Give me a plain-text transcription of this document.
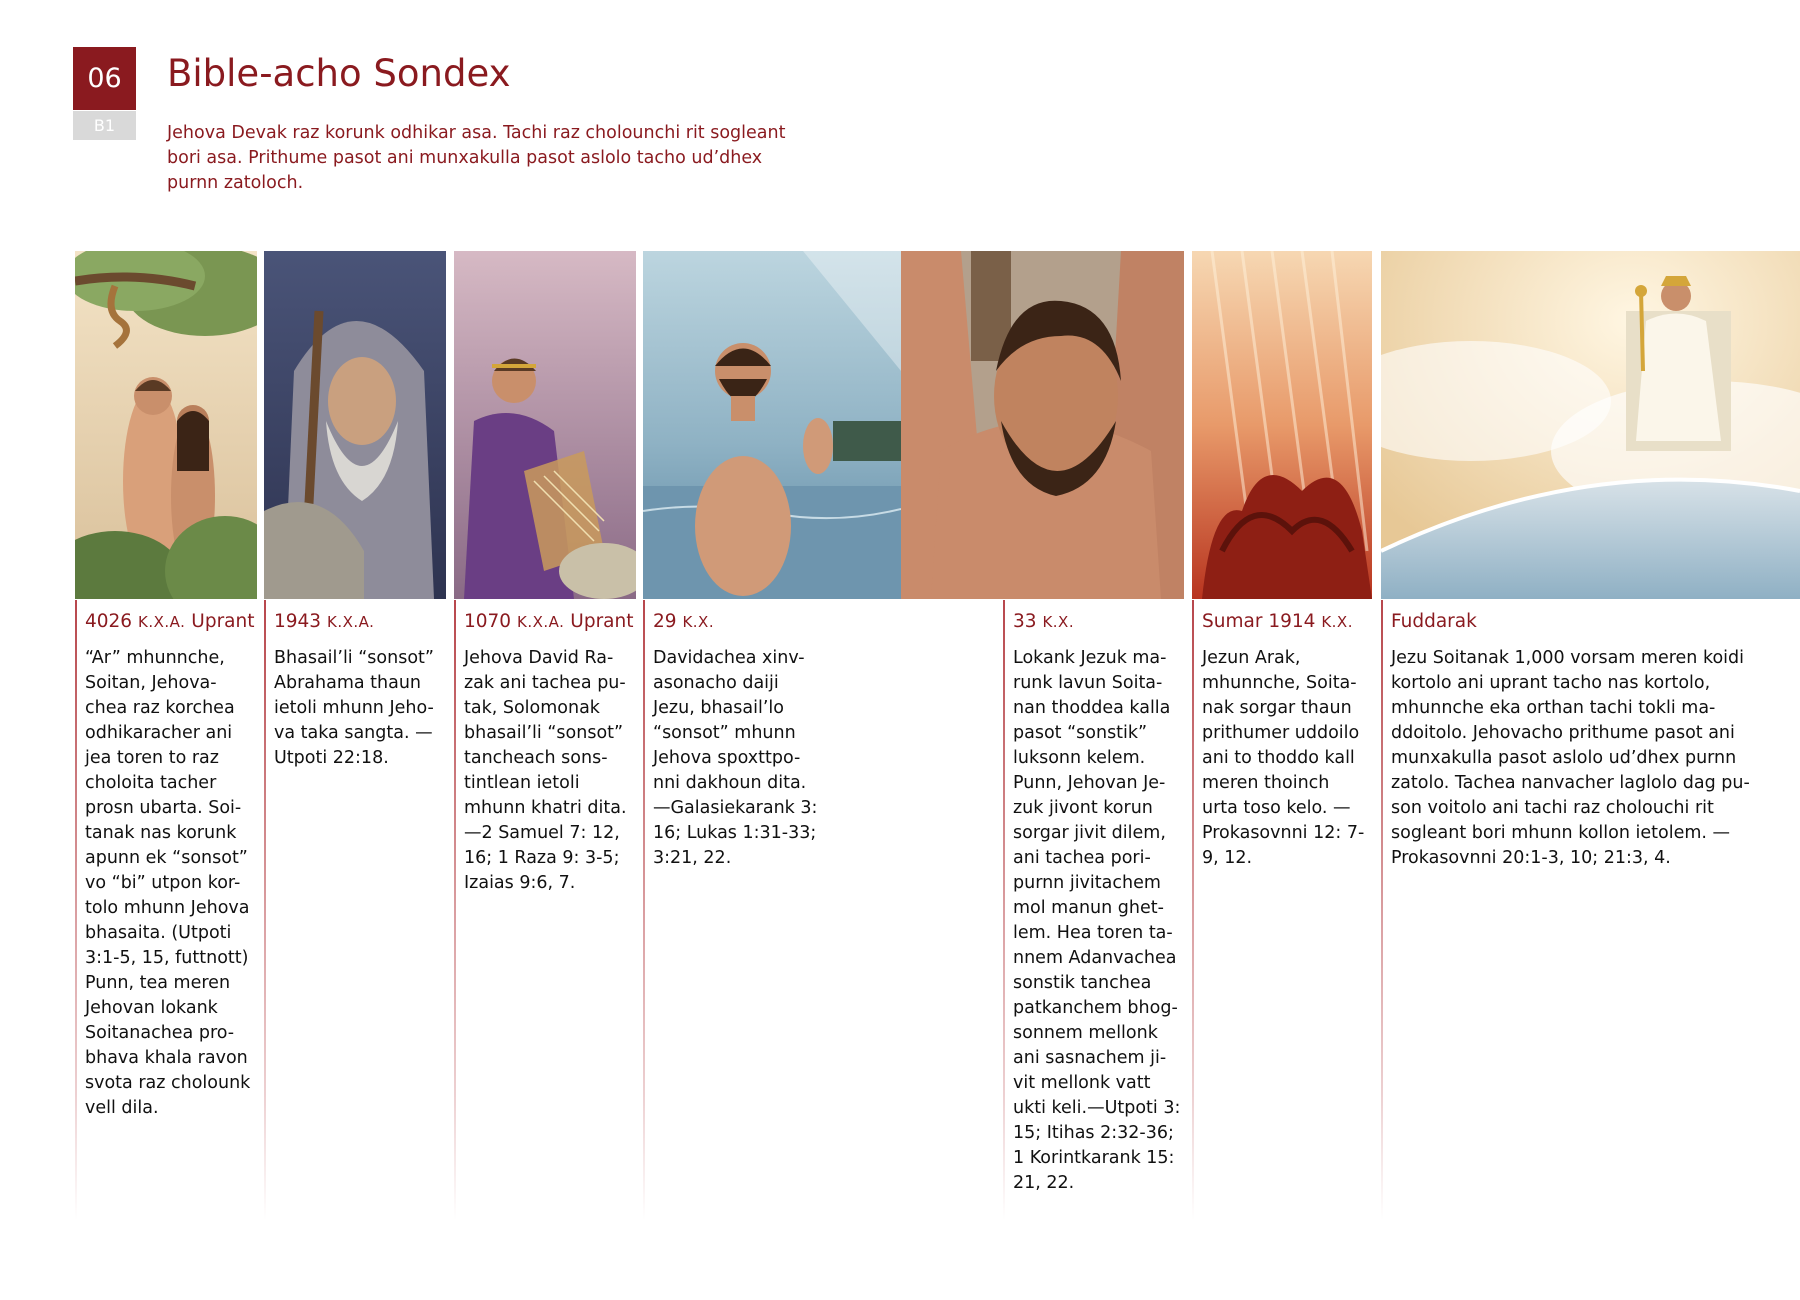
06
B1
Bible-acho Sondex
Jehova Devak raz korunk odhikar asa. Tachi raz cholounchi rit sogleant bori asa. Prithume pasot ani munxakulla pasot aslolo tacho ud’dhex purnn zatoloch.
4026 K.X.A. Uprant
“Ar” mhunnche, Soitan, Jehova-chea raz korchea odhikaracher ani jea toren to raz choloita tacher prosn ubarta. Soi-tanak nas korunk apunn ek “sonsot” vo “bi” utpon kor-tolo mhunn Jehova bhasaita. (Utpoti 3:1-5, 15, futtnott) Punn, tea meren Jehovan lokank Soitanachea pro-bhava khala ravon svota raz cholounk vell dila.
1943 K.X.A.
Bhasail’li “sonsot” Abrahama thaun ietoli mhunn Jeho-va taka sangta. —Utpoti 22:18.
1070 K.X.A. Uprant
Jehova David Ra-zak ani tachea pu-tak, Solomonak bhasail’li “sonsot” tancheach sons-tintlean ietoli mhunn khatri dita. —2 Samuel 7: 12, 16; 1 Raza 9: 3-5; Izaias 9:6, 7.
29 K.X.
Davidachea xinv-asonacho daiji Jezu, bhasail’lo “sonsot” mhunn Jehova spoxttpo-nni dakhoun dita. —Galasiekarank 3: 16; Lukas 1:31-33; 3:21, 22.
33 K.X.
Lokank Jezuk ma-runk lavun Soita-nan thoddea kalla pasot “sonstik” luksonn kelem. Punn, Jehovan Je-zuk jivont korun sorgar jivit dilem, ani tachea pori-purnn jivitachem mol manun ghet-lem. Hea toren ta-nnem Adanvachea sonstik tanchea patkanchem bhog-sonnem mellonk ani sasnachem ji-vit mellonk vatt ukti keli.—Utpoti 3: 15; Itihas 2:32-36; 1 Korintkarank 15: 21, 22.
Sumar 1914 K.X.
Jezun Arak, mhunnche, Soita-nak sorgar thaun prithumer uddoilo ani to thoddo kall meren thoinch urta toso kelo. —Prokasovnni 12: 7-9, 12.
Fuddarak
Jezu Soitanak 1,000 vorsam meren koidi kortolo ani uprant tacho nas kortolo, mhunnche eka orthan tachi tokli ma-ddoitolo. Jehovacho prithume pasot ani munxakulla pasot aslolo ud’dhex purnn zatolo. Tachea nanvacher laglolo dag pu-son voitolo ani tachi raz cholouchi rit sogleant bori mhunn kollon ietolem. —Prokasovnni 20:1-3, 10; 21:3, 4.
